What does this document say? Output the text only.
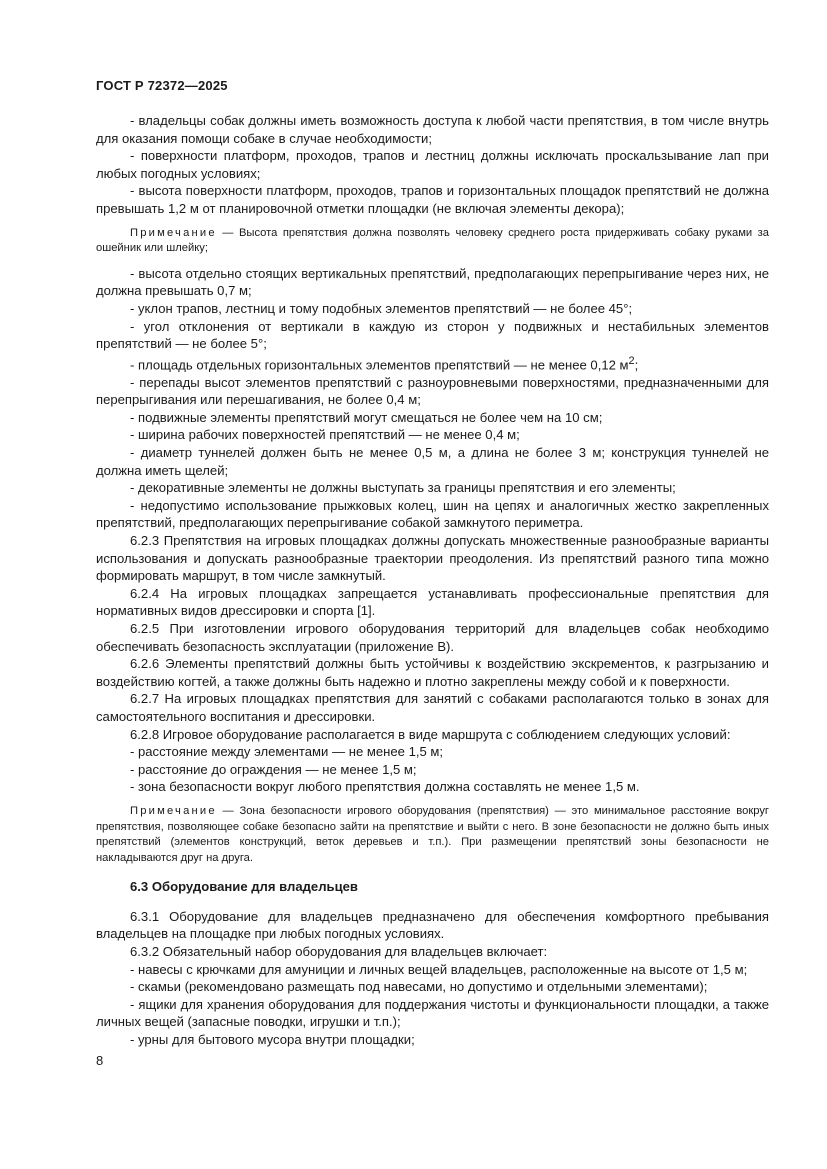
ГОСТ Р 72372—2025

- владельцы собак должны иметь возможность доступа к любой части препятствия, в том числе внутрь для оказания помощи собаке в случае необходимости;

- поверхности платформ, проходов, трапов и лестниц должны исключать проскальзывание лап при любых погодных условиях;

- высота поверхности платформ, проходов, трапов и горизонтальных площадок препятствий не должна превышать 1,2 м от планировочной отметки площадки (не включая элементы декора);

Примечание — Высота препятствия должна позволять человеку среднего роста придерживать собаку руками за ошейник или шлейку;

- высота отдельно стоящих вертикальных препятствий, предполагающих перепрыгивание через них, не должна превышать 0,7 м;

- уклон трапов, лестниц и тому подобных элементов препятствий — не более 45°;

- угол отклонения от вертикали в каждую из сторон у подвижных и нестабильных элементов препятствий — не более 5°;

- площадь отдельных горизонтальных элементов препятствий — не менее 0,12 $м^2$;

- перепады высот элементов препятствий с разноуровневыми поверхностями, предназначенными для перепрыгивания или перешагивания, не более 0,4 м;

- подвижные элементы препятствий могут смещаться не более чем на 10 см;

- ширина рабочих поверхностей препятствий — не менее 0,4 м;

- диаметр туннелей должен быть не менее 0,5 м, а длина не более 3 м; конструкция туннелей не должна иметь щелей;

- декоративные элементы не должны выступать за границы препятствия и его элементы;

- недопустимо использование прыжковых колец, шин на цепях и аналогичных жестко закрепленных препятствий, предполагающих перепрыгивание собакой замкнутого периметра.

6.2.3 Препятствия на игровых площадках должны допускать множественные разнообразные варианты использования и допускать разнообразные траектории преодоления. Из препятствий разного типа можно формировать маршрут, в том числе замкнутый.

6.2.4 На игровых площадках запрещается устанавливать профессиональные препятствия для нормативных видов дрессировки и спорта [1].

6.2.5 При изготовлении игрового оборудования территорий для владельцев собак необходимо обеспечивать безопасность эксплуатации (приложение В).

6.2.6 Элементы препятствий должны быть устойчивы к воздействию экскрементов, к разгрызанию и воздействию когтей, а также должны быть надежно и плотно закреплены между собой и к поверхности.

6.2.7 На игровых площадках препятствия для занятий с собаками располагаются только в зонах для самостоятельного воспитания и дрессировки.

6.2.8 Игровое оборудование располагается в виде маршрута с соблюдением следующих условий:

- расстояние между элементами — не менее 1,5 м;

- расстояние до ограждения — не менее 1,5 м;

- зона безопасности вокруг любого препятствия должна составлять не менее 1,5 м.

Примечание — Зона безопасности игрового оборудования (препятствия) — это минимальное расстояние вокруг препятствия, позволяющее собаке безопасно зайти на препятствие и выйти с него. В зоне безопасности не должно быть иных препятствий (элементов конструкций, веток деревьев и т.п.). При размещении препятствий зоны безопасности не накладываются друг на друга.

6.3 Оборудование для владельцев

6.3.1 Оборудование для владельцев предназначено для обеспечения комфортного пребывания владельцев на площадке при любых погодных условиях.

6.3.2 Обязательный набор оборудования для владельцев включает:

- навесы с крючками для амуниции и личных вещей владельцев, расположенные на высоте от 1,5 м;

- скамьи (рекомендовано размещать под навесами, но допустимо и отдельными элементами);

- ящики для хранения оборудования для поддержания чистоты и функциональности площадки, а также личных вещей (запасные поводки, игрушки и т.п.);

- урны для бытового мусора внутри площадки;

8
